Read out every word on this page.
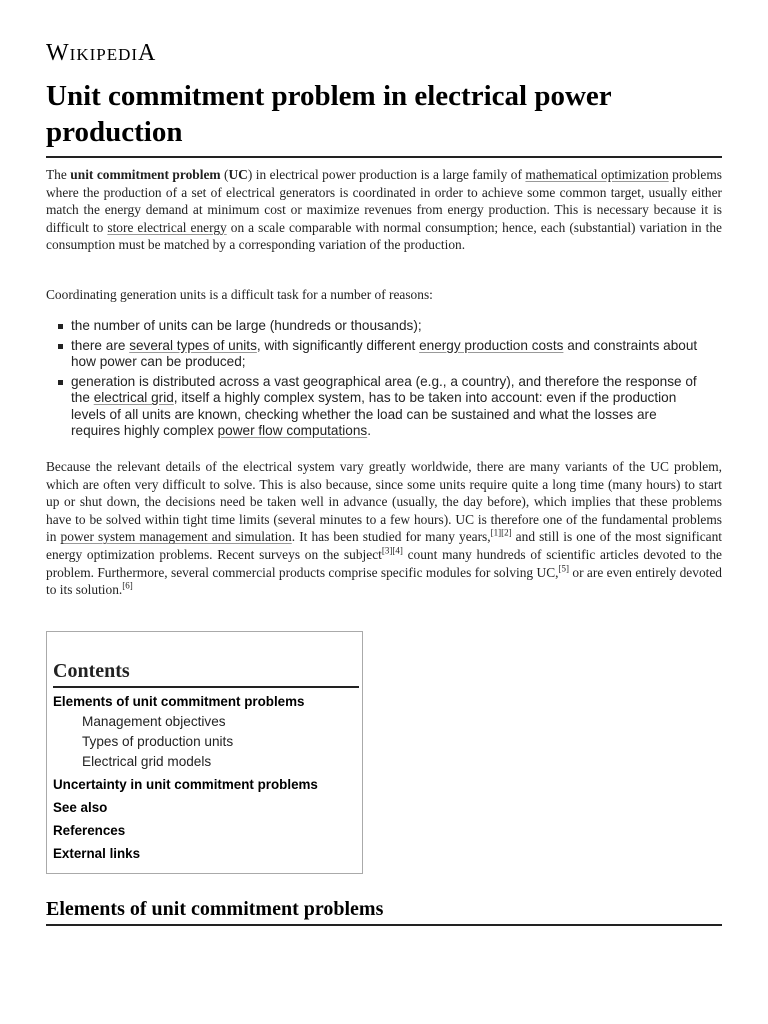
WIKIPEDIA
Unit commitment problem in electrical power production

The unit commitment problem (UC) in electrical power production is a large family of mathematical optimization problems where the production of a set of electrical generators is coordinated in order to achieve some common target, usually either match the energy demand at minimum cost or maximize revenues from energy production. This is necessary because it is difficult to store electrical energy on a scale comparable with normal consumption; hence, each (substantial) variation in the consumption must be matched by a corresponding variation of the production.

Coordinating generation units is a difficult task for a number of reasons:

the number of units can be large (hundreds or thousands);
there are several types of units, with significantly different energy production costs and constraints about how power can be produced;
generation is distributed across a vast geographical area (e.g., a country), and therefore the response of the electrical grid, itself a highly complex system, has to be taken into account: even if the production levels of all units are known, checking whether the load can be sustained and what the losses are requires highly complex power flow computations.

Because the relevant details of the electrical system vary greatly worldwide, there are many variants of the UC problem, which are often very difficult to solve. This is also because, since some units require quite a long time (many hours) to start up or shut down, the decisions need be taken well in advance (usually, the day before), which implies that these problems have to be solved within tight time limits (several minutes to a few hours). UC is therefore one of the fundamental problems in power system management and simulation. It has been studied for many years,[1][2] and still is one of the most significant energy optimization problems. Recent surveys on the subject[3][4] count many hundreds of scientific articles devoted to the problem. Furthermore, several commercial products comprise specific modules for solving UC,[5] or are even entirely devoted to its solution.[6]

Contents
Elements of unit commitment problems
Management objectives
Types of production units
Electrical grid models
Uncertainty in unit commitment problems
See also
References
External links
Elements of unit commitment problems
